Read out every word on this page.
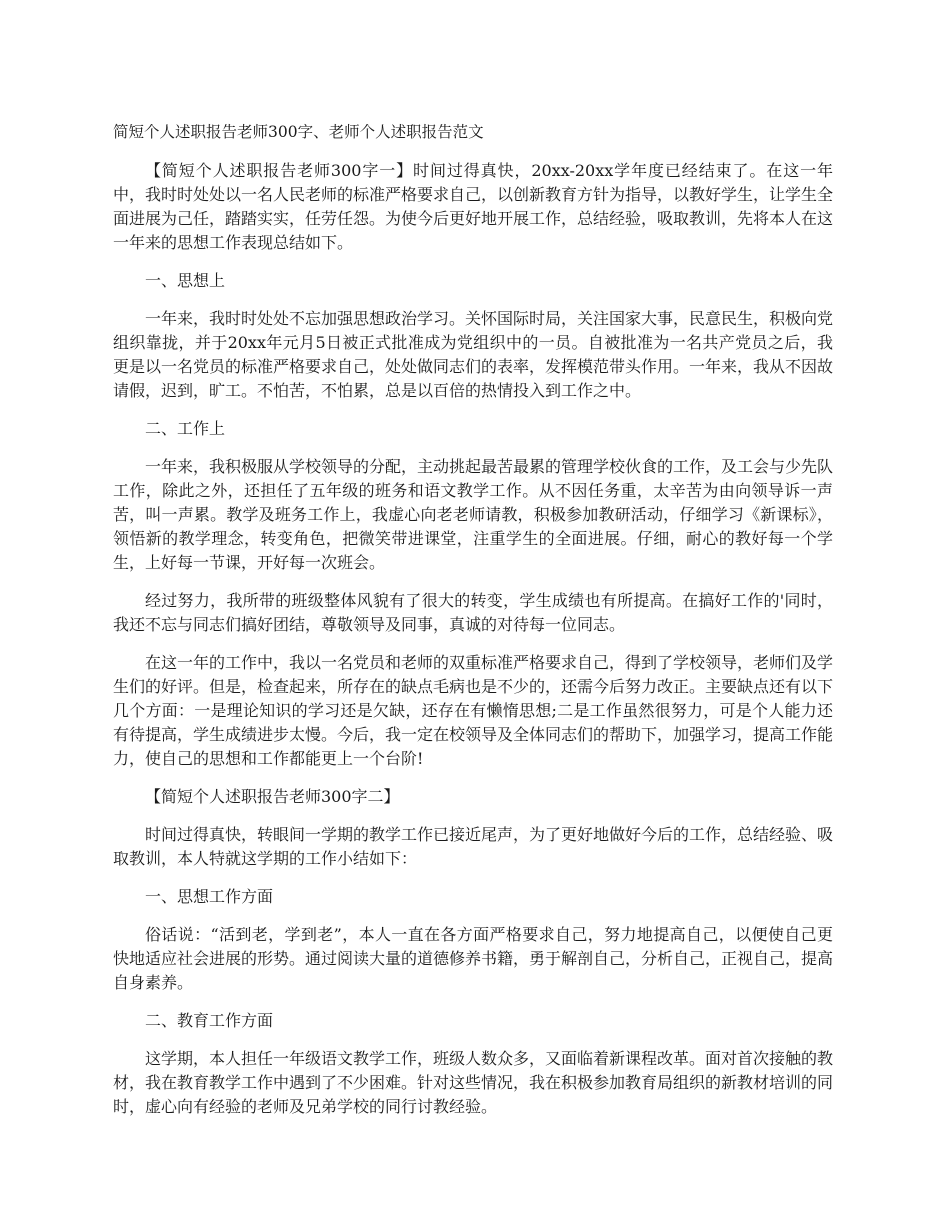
简短个人述职报告老师300字、老师个人述职报告范文

【简短个人述职报告老师300字一】时间过得真快，20xx-20xx学年度已经结束了。在这一年中，我时时处处以一名人民老师的标准严格要求自己，以创新教育方针为指导，以教好学生，让学生全面进展为己任，踏踏实实，任劳任怨。为使今后更好地开展工作，总结经验，吸取教训，先将本人在这一年来的思想工作表现总结如下。

一、思想上

一年来，我时时处处不忘加强思想政治学习。关怀国际时局，关注国家大事，民意民生，积极向党组织靠拢，并于20xx年元月5日被正式批准成为党组织中的一员。自被批准为一名共产党员之后，我更是以一名党员的标准严格要求自己，处处做同志们的表率，发挥模范带头作用。一年来，我从不因故请假，迟到，旷工。不怕苦，不怕累，总是以百倍的热情投入到工作之中。

二、工作上

一年来，我积极服从学校领导的分配，主动挑起最苦最累的管理学校伙食的工作，及工会与少先队工作，除此之外，还担任了五年级的班务和语文教学工作。从不因任务重，太辛苦为由向领导诉一声苦，叫一声累。教学及班务工作上，我虚心向老老师请教，积极参加教研活动，仔细学习《新课标》，领悟新的教学理念，转变角色，把微笑带进课堂，注重学生的全面进展。仔细，耐心的教好每一个学生，上好每一节课，开好每一次班会。

经过努力，我所带的班级整体风貌有了很大的转变，学生成绩也有所提高。在搞好工作的'同时，我还不忘与同志们搞好团结，尊敬领导及同事，真诚的对待每一位同志。

在这一年的工作中，我以一名党员和老师的双重标准严格要求自己，得到了学校领导，老师们及学生们的好评。但是，检查起来，所存在的缺点毛病也是不少的，还需今后努力改正。主要缺点还有以下几个方面：一是理论知识的学习还是欠缺，还存在有懒惰思想;二是工作虽然很努力，可是个人能力还有待提高，学生成绩进步太慢。今后，我一定在校领导及全体同志们的帮助下，加强学习，提高工作能力，使自己的思想和工作都能更上一个台阶!

【简短个人述职报告老师300字二】

时间过得真快，转眼间一学期的教学工作已接近尾声，为了更好地做好今后的工作，总结经验、吸取教训，本人特就这学期的工作小结如下：

一、思想工作方面

俗话说：“活到老，学到老”，本人一直在各方面严格要求自己，努力地提高自己，以便使自己更快地适应社会进展的形势。通过阅读大量的道德修养书籍，勇于解剖自己，分析自己，正视自己，提高自身素养。

二、教育工作方面

这学期，本人担任一年级语文教学工作，班级人数众多，又面临着新课程改革。面对首次接触的教材，我在教育教学工作中遇到了不少困难。针对这些情况，我在积极参加教育局组织的新教材培训的同时，虚心向有经验的老师及兄弟学校的同行讨教经验。
